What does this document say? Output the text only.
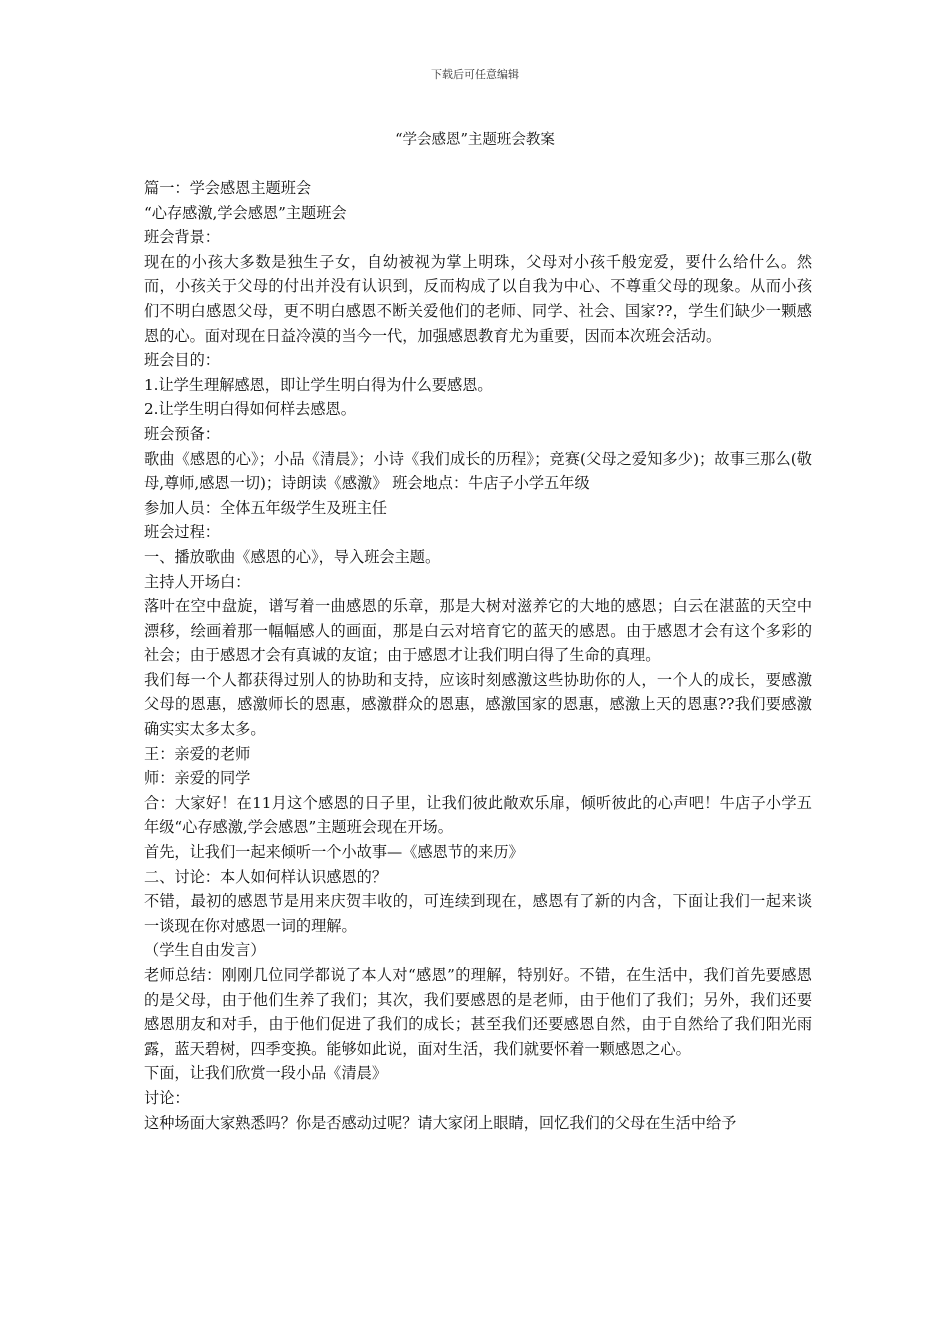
下载后可任意编辑
“学会感恩”主题班会教案

篇一：学会感恩主题班会

“心存感激,学会感恩”主题班会

班会背景：

现在的小孩大多数是独生子女，自幼被视为掌上明珠，父母对小孩千般宠爱，要什么给什么。然而，小孩关于父母的付出并没有认识到，反而构成了以自我为中心、不尊重父母的现象。从而小孩们不明白感恩父母，更不明白感恩不断关爱他们的老师、同学、社会、国家??，学生们缺少一颗感恩的心。面对现在日益冷漠的当今一代，加强感恩教育尤为重要，因而本次班会活动。

班会目的：

1.让学生理解感恩，即让学生明白得为什么要感恩。

2.让学生明白得如何样去感恩。

班会预备：

歌曲《感恩的心》；小品《清晨》；小诗《我们成长的历程》；竞赛(父母之爱知多少)；故事三那么(敬母,尊师,感恩一切)；诗朗读《感激》 班会地点：牛店子小学五年级

参加人员：全体五年级学生及班主任

班会过程：

一、播放歌曲《感恩的心》，导入班会主题。

主持人开场白：

落叶在空中盘旋，谱写着一曲感恩的乐章，那是大树对滋养它的大地的感恩；白云在湛蓝的天空中漂移，绘画着那一幅幅感人的画面，那是白云对培育它的蓝天的感恩。由于感恩才会有这个多彩的社会；由于感恩才会有真诚的友谊；由于感恩才让我们明白得了生命的真理。

我们每一个人都获得过别人的协助和支持，应该时刻感激这些协助你的人，一个人的成长，要感激父母的恩惠，感激师长的恩惠，感激群众的恩惠，感激国家的恩惠，感激上天的恩惠??我们要感激确实实太多太多。

王：亲爱的老师

师：亲爱的同学

合：大家好！在11月这个感恩的日子里，让我们彼此敞欢乐扉，倾听彼此的心声吧！牛店子小学五年级“心存感激,学会感恩”主题班会现在开场。

首先，让我们一起来倾听一个小故事—《感恩节的来历》

二、讨论：本人如何样认识感恩的？

不错，最初的感恩节是用来庆贺丰收的，可连续到现在，感恩有了新的内含，下面让我们一起来谈一谈现在你对感恩一词的理解。

（学生自由发言）

老师总结：刚刚几位同学都说了本人对“感恩”的理解，特别好。不错，在生活中，我们首先要感恩的是父母，由于他们生养了我们；其次，我们要感恩的是老师，由于他们了我们；另外，我们还要感恩朋友和对手，由于他们促进了我们的成长；甚至我们还要感恩自然，由于自然给了我们阳光雨露，蓝天碧树，四季变换。能够如此说，面对生活，我们就要怀着一颗感恩之心。

下面，让我们欣赏一段小品《清晨》

讨论：

这种场面大家熟悉吗？你是否感动过呢？请大家闭上眼睛，回忆我们的父母在生活中给予
